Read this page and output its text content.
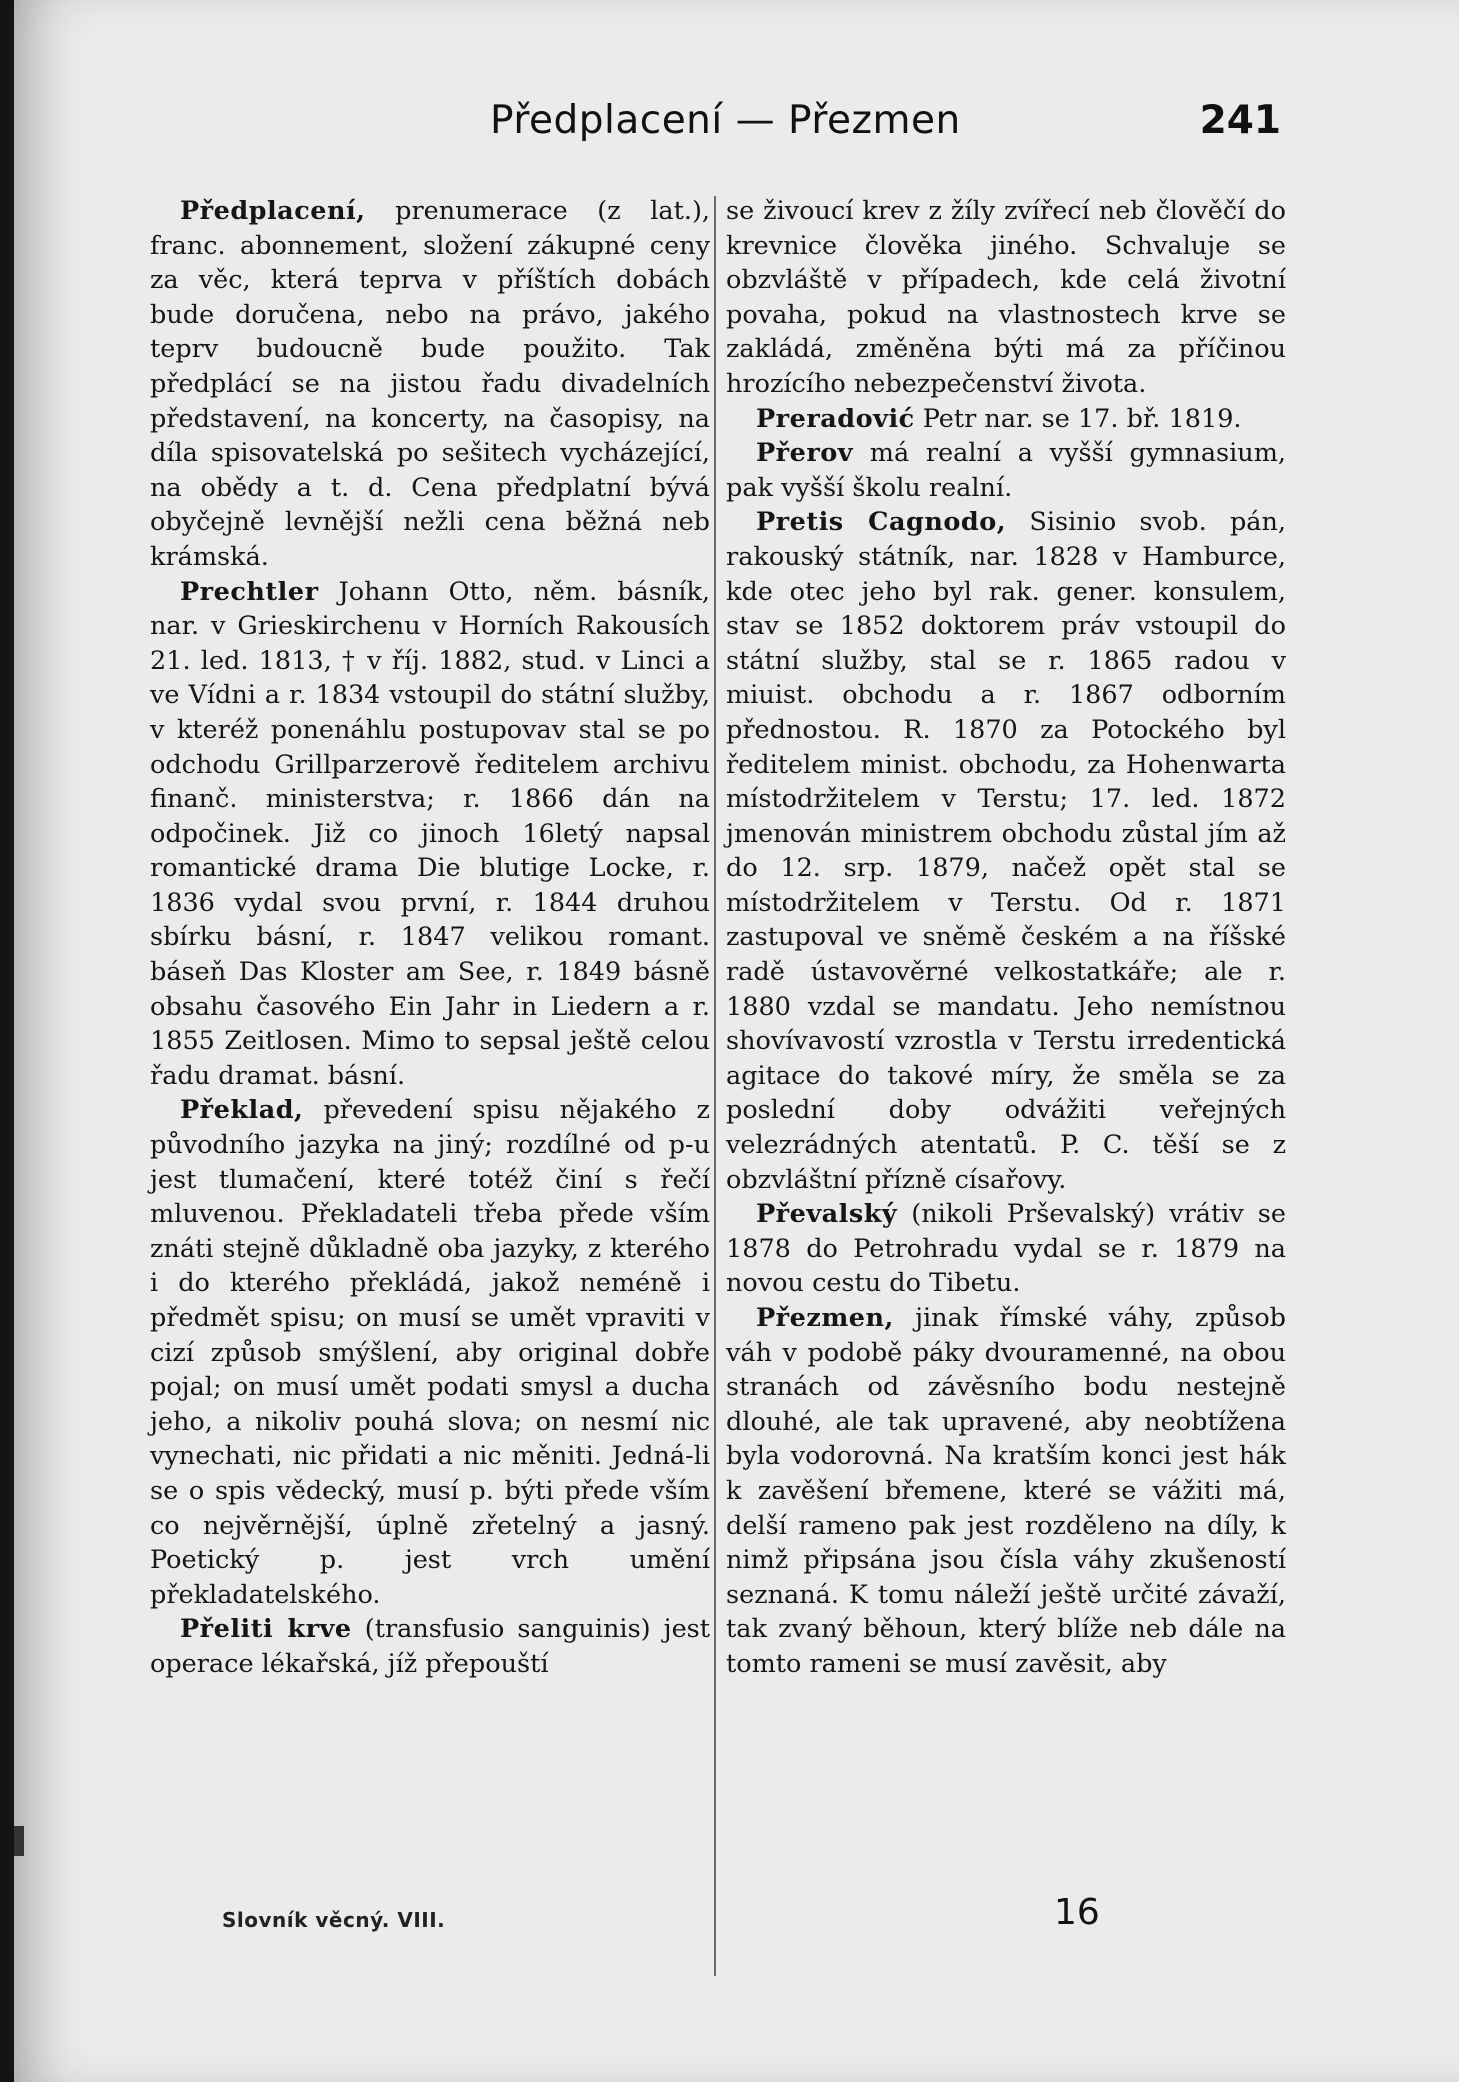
Předplacení — Přezmen	241

Předplacení, prenumerace (z lat.), franc. abonnement, složení zákupné ceny za věc, která teprva v příštích dobách bude doručena, nebo na právo, jakého teprv budoucně bude použito. Tak předplácí se na jistou řadu divadelních představení, na koncerty, na časopisy, na díla spisovatelská po sešitech vycházející, na obědy a t. d. Cena předplatní bývá obyčejně levnější nežli cena běžná neb krámská.

Prechtler Johann Otto, něm. básník, nar. v Grieskirchenu v Horních Rakousích 21. led. 1813, † v říj. 1882, stud. v Linci a ve Vídni a r. 1834 vstoupil do státní služby, v kteréž ponenáhlu postupovav stal se po odchodu Grillparzerově ředitelem archivu finanč. ministerstva; r. 1866 dán na odpočinek. Již co jinoch 16letý napsal romantické drama Die blutige Locke, r. 1836 vydal svou první, r. 1844 druhou sbírku básní, r. 1847 velikou romant. báseň Das Kloster am See, r. 1849 básně obsahu časového Ein Jahr in Liedern a r. 1855 Zeitlosen. Mimo to sepsal ještě celou řadu dramat. básní.

Překlad, převedení spisu nějakého z původního jazyka na jiný; rozdílné od p-u jest tlumačení, které totéž činí s řečí mluvenou. Překladateli třeba přede vším znáti stejně důkladně oba jazyky, z kterého i do kterého překládá, jakož neméně i předmět spisu; on musí se umět vpraviti v cizí způsob smýšlení, aby original dobře pojal; on musí umět podati smysl a ducha jeho, a nikoliv pouhá slova; on nesmí nic vynechati, nic přidati a nic měniti. Jedná-li se o spis vědecký, musí p. býti přede vším co nejvěrnější, úplně zřetelný a jasný. Poetický p. jest vrch umění překladatelského.

Přeliti krve (transfusio sanguinis) jest operace lékařská, jíž přepouští

se živoucí krev z žíly zvířecí neb člověčí do krevnice člověka jiného. Schvaluje se obzvláště v případech, kde celá životní povaha, pokud na vlastnostech krve se zakládá, změněna býti má za příčinou hrozícího nebezpečenství života.

Preradović Petr nar. se 17. bř. 1819.

Přerov má realní a vyšší gymnasium, pak vyšší školu realní.

Pretis Cagnodo, Sisinio svob. pán, rakouský státník, nar. 1828 v Hamburce, kde otec jeho byl rak. gener. konsulem, stav se 1852 doktorem práv vstoupil do státní služby, stal se r. 1865 radou v miuist. obchodu a r. 1867 odborním přednostou. R. 1870 za Potockého byl ředitelem minist. obchodu, za Hohenwarta místodržitelem v Terstu; 17. led. 1872 jmenován ministrem obchodu zůstal jím až do 12. srp. 1879, načež opět stal se místodržitelem v Terstu. Od r. 1871 zastupoval ve sněmě českém a na říšské radě ústavověrné velkostatkáře; ale r. 1880 vzdal se mandatu. Jeho nemístnou shovívavostí vzrostla v Terstu irredentická agitace do takové míry, že směla se za poslední doby odvážiti veřejných velezrádných atentatů. P. C. těší se z obzvláštní přízně císařovy.

Převalský (nikoli Prševalský) vrátiv se 1878 do Petrohradu vydal se r. 1879 na novou cestu do Tibetu.

Přezmen, jinak římské váhy, způsob váh v podobě páky dvouramenné, na obou stranách od závěsního bodu nestejně dlouhé, ale tak upravené, aby neobtížena byla vodorovná. Na kratším konci jest hák k zavěšení břemene, které se vážiti má, delší rameno pak jest rozděleno na díly, k nimž připsána jsou čísla váhy zkušeností seznaná. K tomu náleží ještě určité závaží, tak zvaný běhoun, který blíže neb dále na tomto rameni se musí zavěsit, aby

Slovník věcný. VIII.	16
